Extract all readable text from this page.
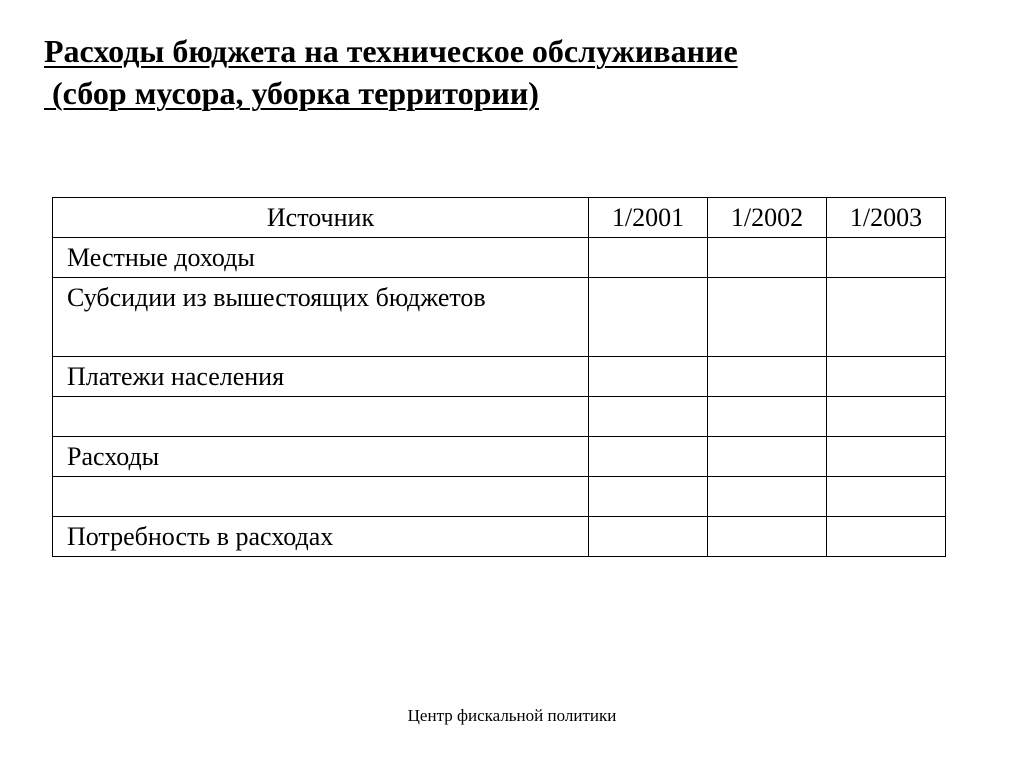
Расходы бюджета на техническое обслуживание
(сбор мусора, уборка территории)
Источник	1/2001	1/2002	1/2003
Местные доходы			
Субсидии из вышестоящих бюджетов			
Платежи населения			

Расходы			

Потребность в расходах			
Центр фискальной политики
